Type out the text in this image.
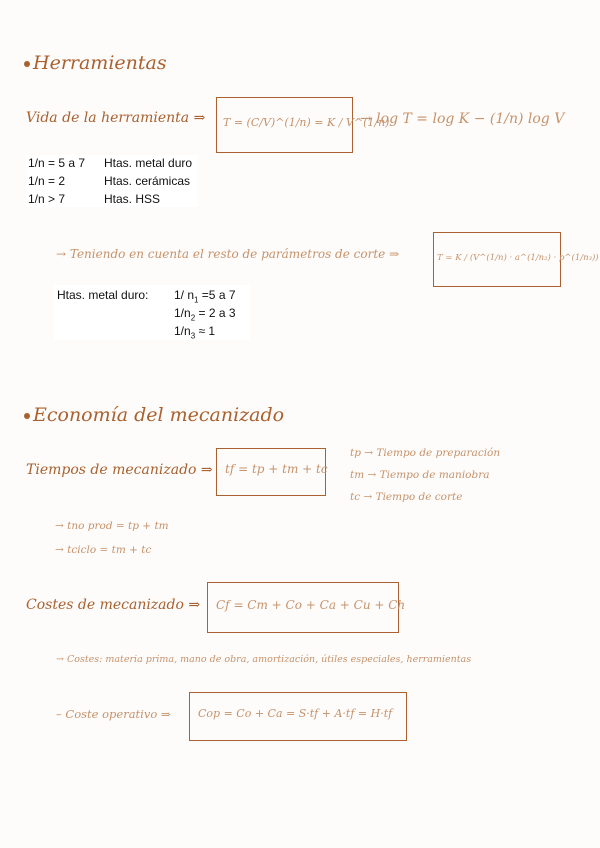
Herramientas
Vida de la herramienta ⇒ T = (C/V)^(1/n) = K / V^(1/n)
→ log T = log K − (1/n) log V
1/n = 5 a 7 Htas. metal duro
1/n = 2	Htas. cerámicas
1/n > 7	Htas. HSS
→ Teniendo en cuenta el resto de parámetros de corte ⇒	T = K / (V^(1/n) · a^(1/n₂) · p^(1/n₃))
Htas. metal duro: 1/ $n_1 =5$ a 7
$1/n_2 = 2$ a 3
$1/n_3 \approx 1$
Economía del mecanizado
Tiempos de mecanizado ⇒ tf = tp + tm + tc
tp → Tiempo de preparación
tm → Tiempo de maniobra
tc → Tiempo de corte
→ tno prod = tp + tm
→ tciclo = tm + tc
Costes de mecanizado ⇒ Cf = Cm + Co + Ca + Cu + Ch
→ Costes: materia prima, mano de obra, amortización, útiles especiales, herramientas
– Coste operativo ⇒ Cop = Co + Ca = S·tf + A·tf = H·tf
